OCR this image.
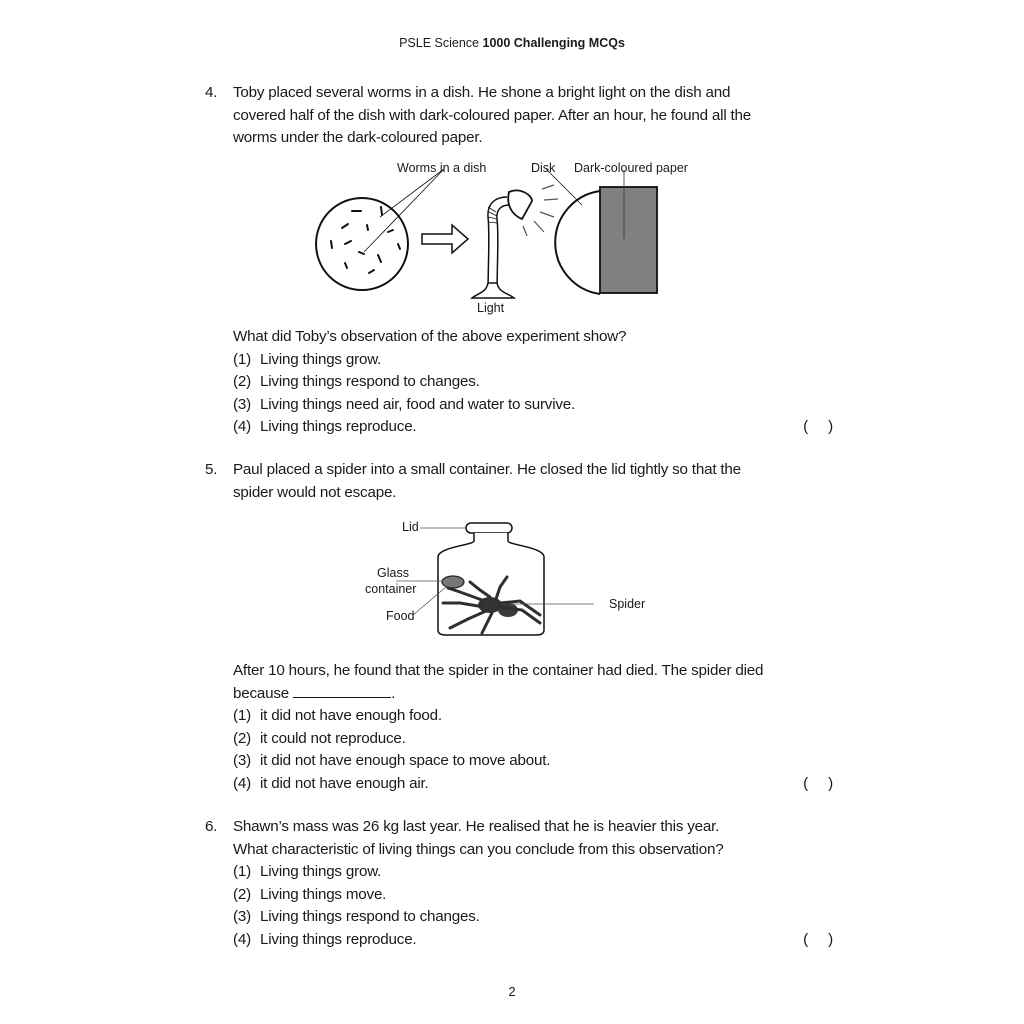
PSLE Science 1000 Challenging MCQs
4. Toby placed several worms in a dish. He shone a bright light on the dish and
covered half of the dish with dark-coloured paper. After an hour, he found all the
worms under the dark-coloured paper.
Worms in a dish	Disk Dark-coloured paper
Light
What did Toby’s observation of the above experiment show?
(1) Living things grow.
(2) Living things respond to changes.
(3) Living things need air, food and water to survive.
(4) Living things reproduce.	(     )
5. Paul placed a spider into a small container. He closed the lid tightly so that the
spider would not escape.
Lid
Glass
container
Food
Spider
After 10 hours, he found that the spider in the container had died. The spider died
because	.
(1) it did not have enough food.
(2) it could not reproduce.
(3) it did not have enough space to move about.
(4) it did not have enough air.	(     )
6. Shawn’s mass was 26 kg last year. He realised that he is heavier this year.
What characteristic of living things can you conclude from this observation?
(1) Living things grow.
(2) Living things move.
(3) Living things respond to changes.
(4) Living things reproduce.	(     )
2
